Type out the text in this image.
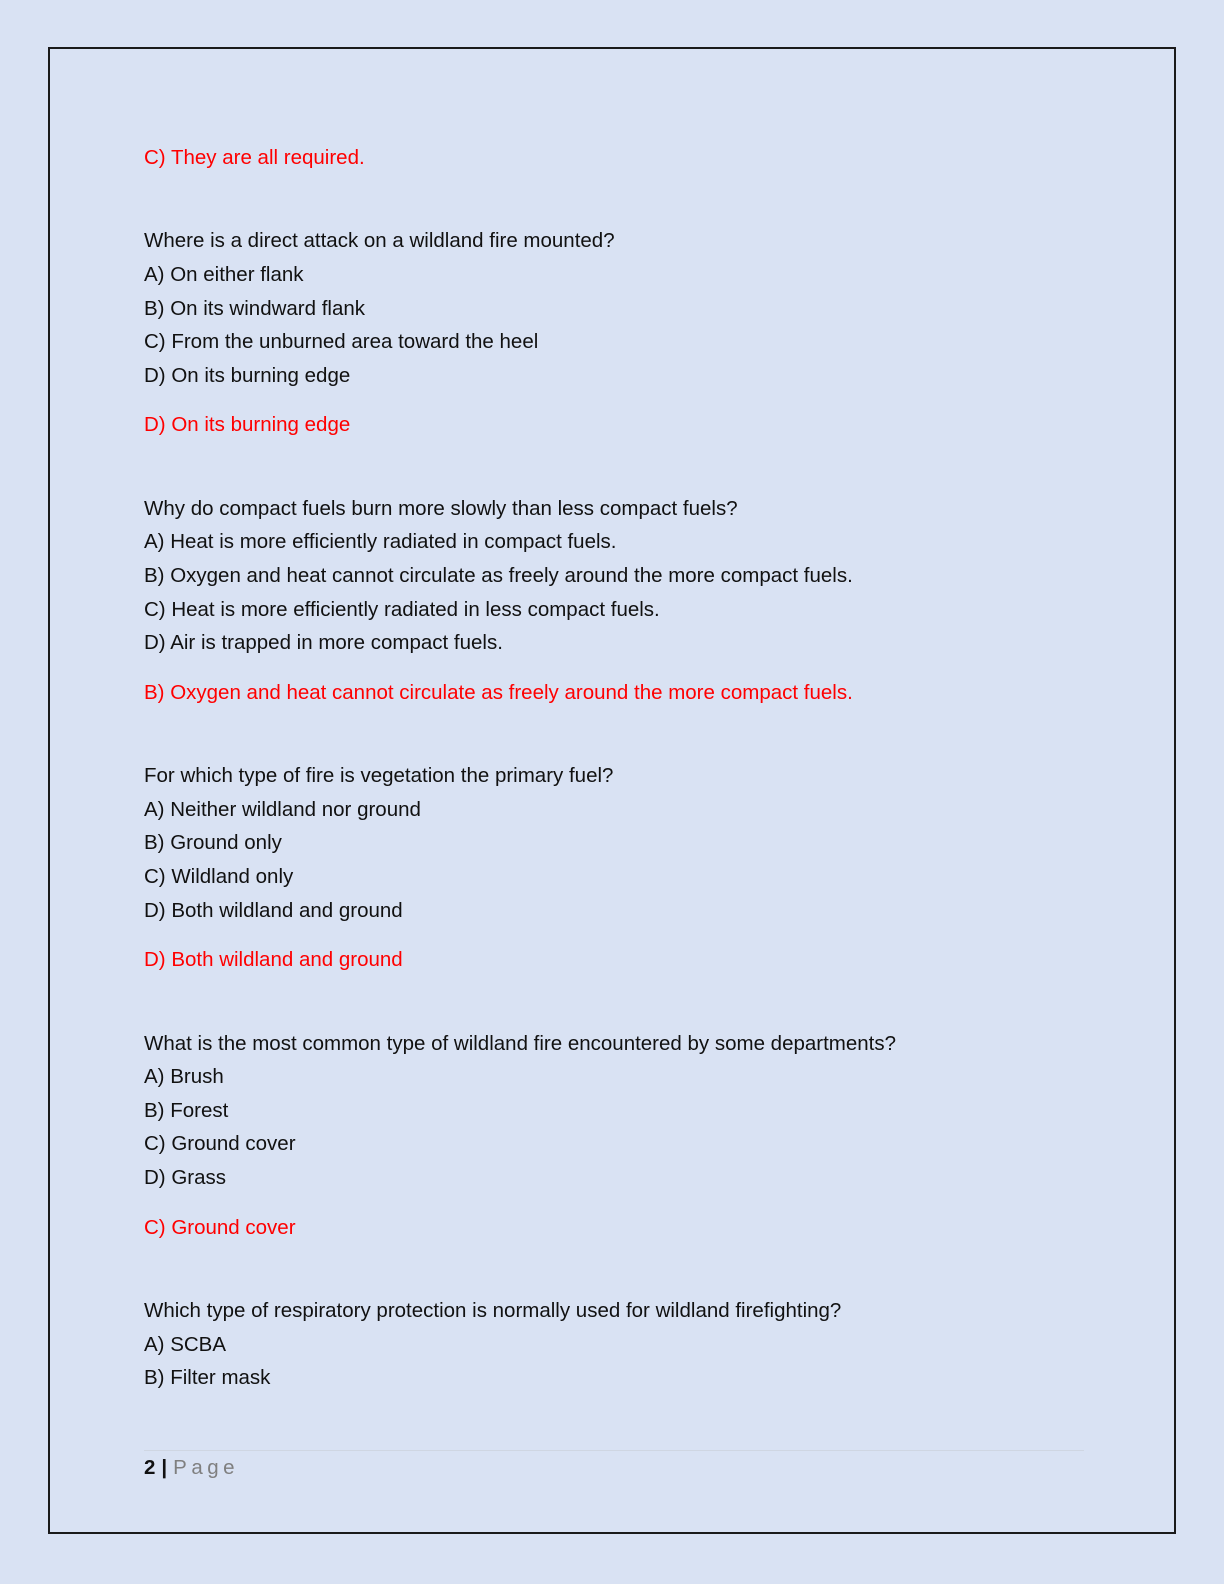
C) They are all required.
Where is a direct attack on a wildland fire mounted?
A) On either flank
B) On its windward flank
C) From the unburned area toward the heel
D) On its burning edge
D) On its burning edge
Why do compact fuels burn more slowly than less compact fuels?
A) Heat is more efficiently radiated in compact fuels.
B) Oxygen and heat cannot circulate as freely around the more compact fuels.
C) Heat is more efficiently radiated in less compact fuels.
D) Air is trapped in more compact fuels.
B) Oxygen and heat cannot circulate as freely around the more compact fuels.
For which type of fire is vegetation the primary fuel?
A) Neither wildland nor ground
B) Ground only
C) Wildland only
D) Both wildland and ground
D) Both wildland and ground
What is the most common type of wildland fire encountered by some departments?
A) Brush
B) Forest
C) Ground cover
D) Grass
C) Ground cover
Which type of respiratory protection is normally used for wildland firefighting?
A) SCBA
B) Filter mask
2 | Page
